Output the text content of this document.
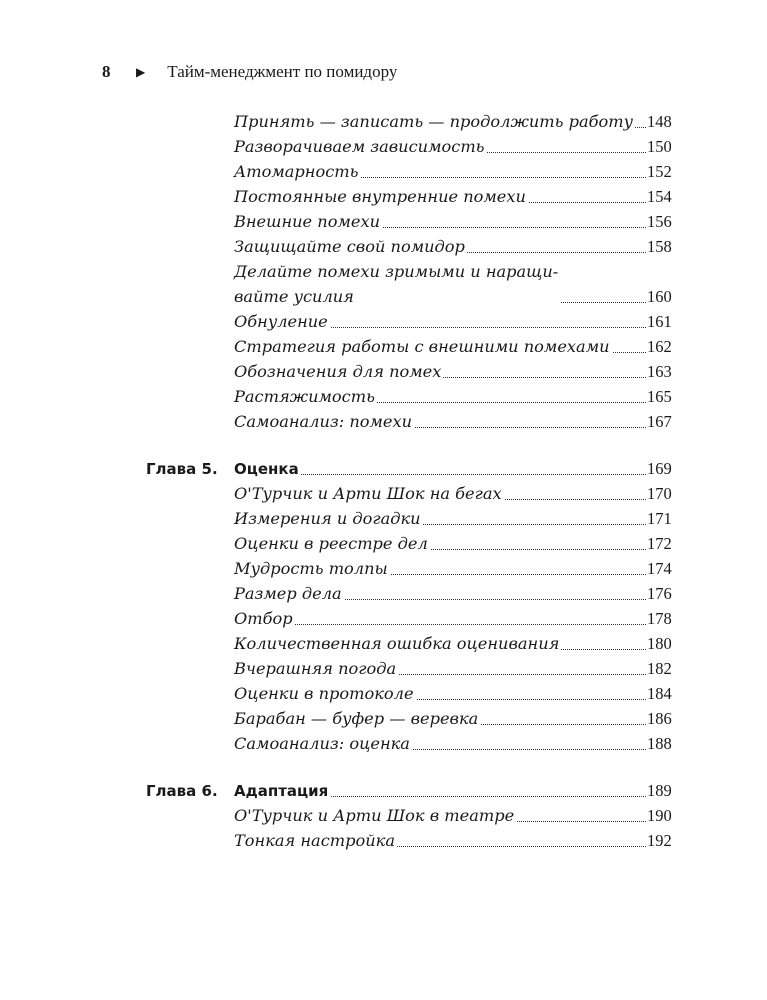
8	▶ Тайм-менеджмент по помидору
Принять — записать — продолжить работу 148
Разворачиваем зависимость	150
Атомарность	152
Постоянные внутренние помехи	154
Внешние помехи	156
Защищайте свой помидор	158
Делайте помехи зримыми и наращи-
вайте усилия	160
Обнуление	161
Стратегия работы с внешними помехами 162
Обозначения для помех	163
Растяжимость	165
Самоанализ: помехи	167
Глава 5. Оценка	169
О'Турчик и Арти Шок на бегах	170
Измерения и догадки	171
Оценки в реестре дел	172
Мудрость толпы	174
Размер дела	176
Отбор	178
Количественная ошибка оценивания	180
Вчерашняя погода	182
Оценки в протоколе	184
Барабан — буфер — веревка	186
Самоанализ: оценка	188
Глава 6. Адаптация	189
О'Турчик и Арти Шок в театре	190
Тонкая настройка	192
